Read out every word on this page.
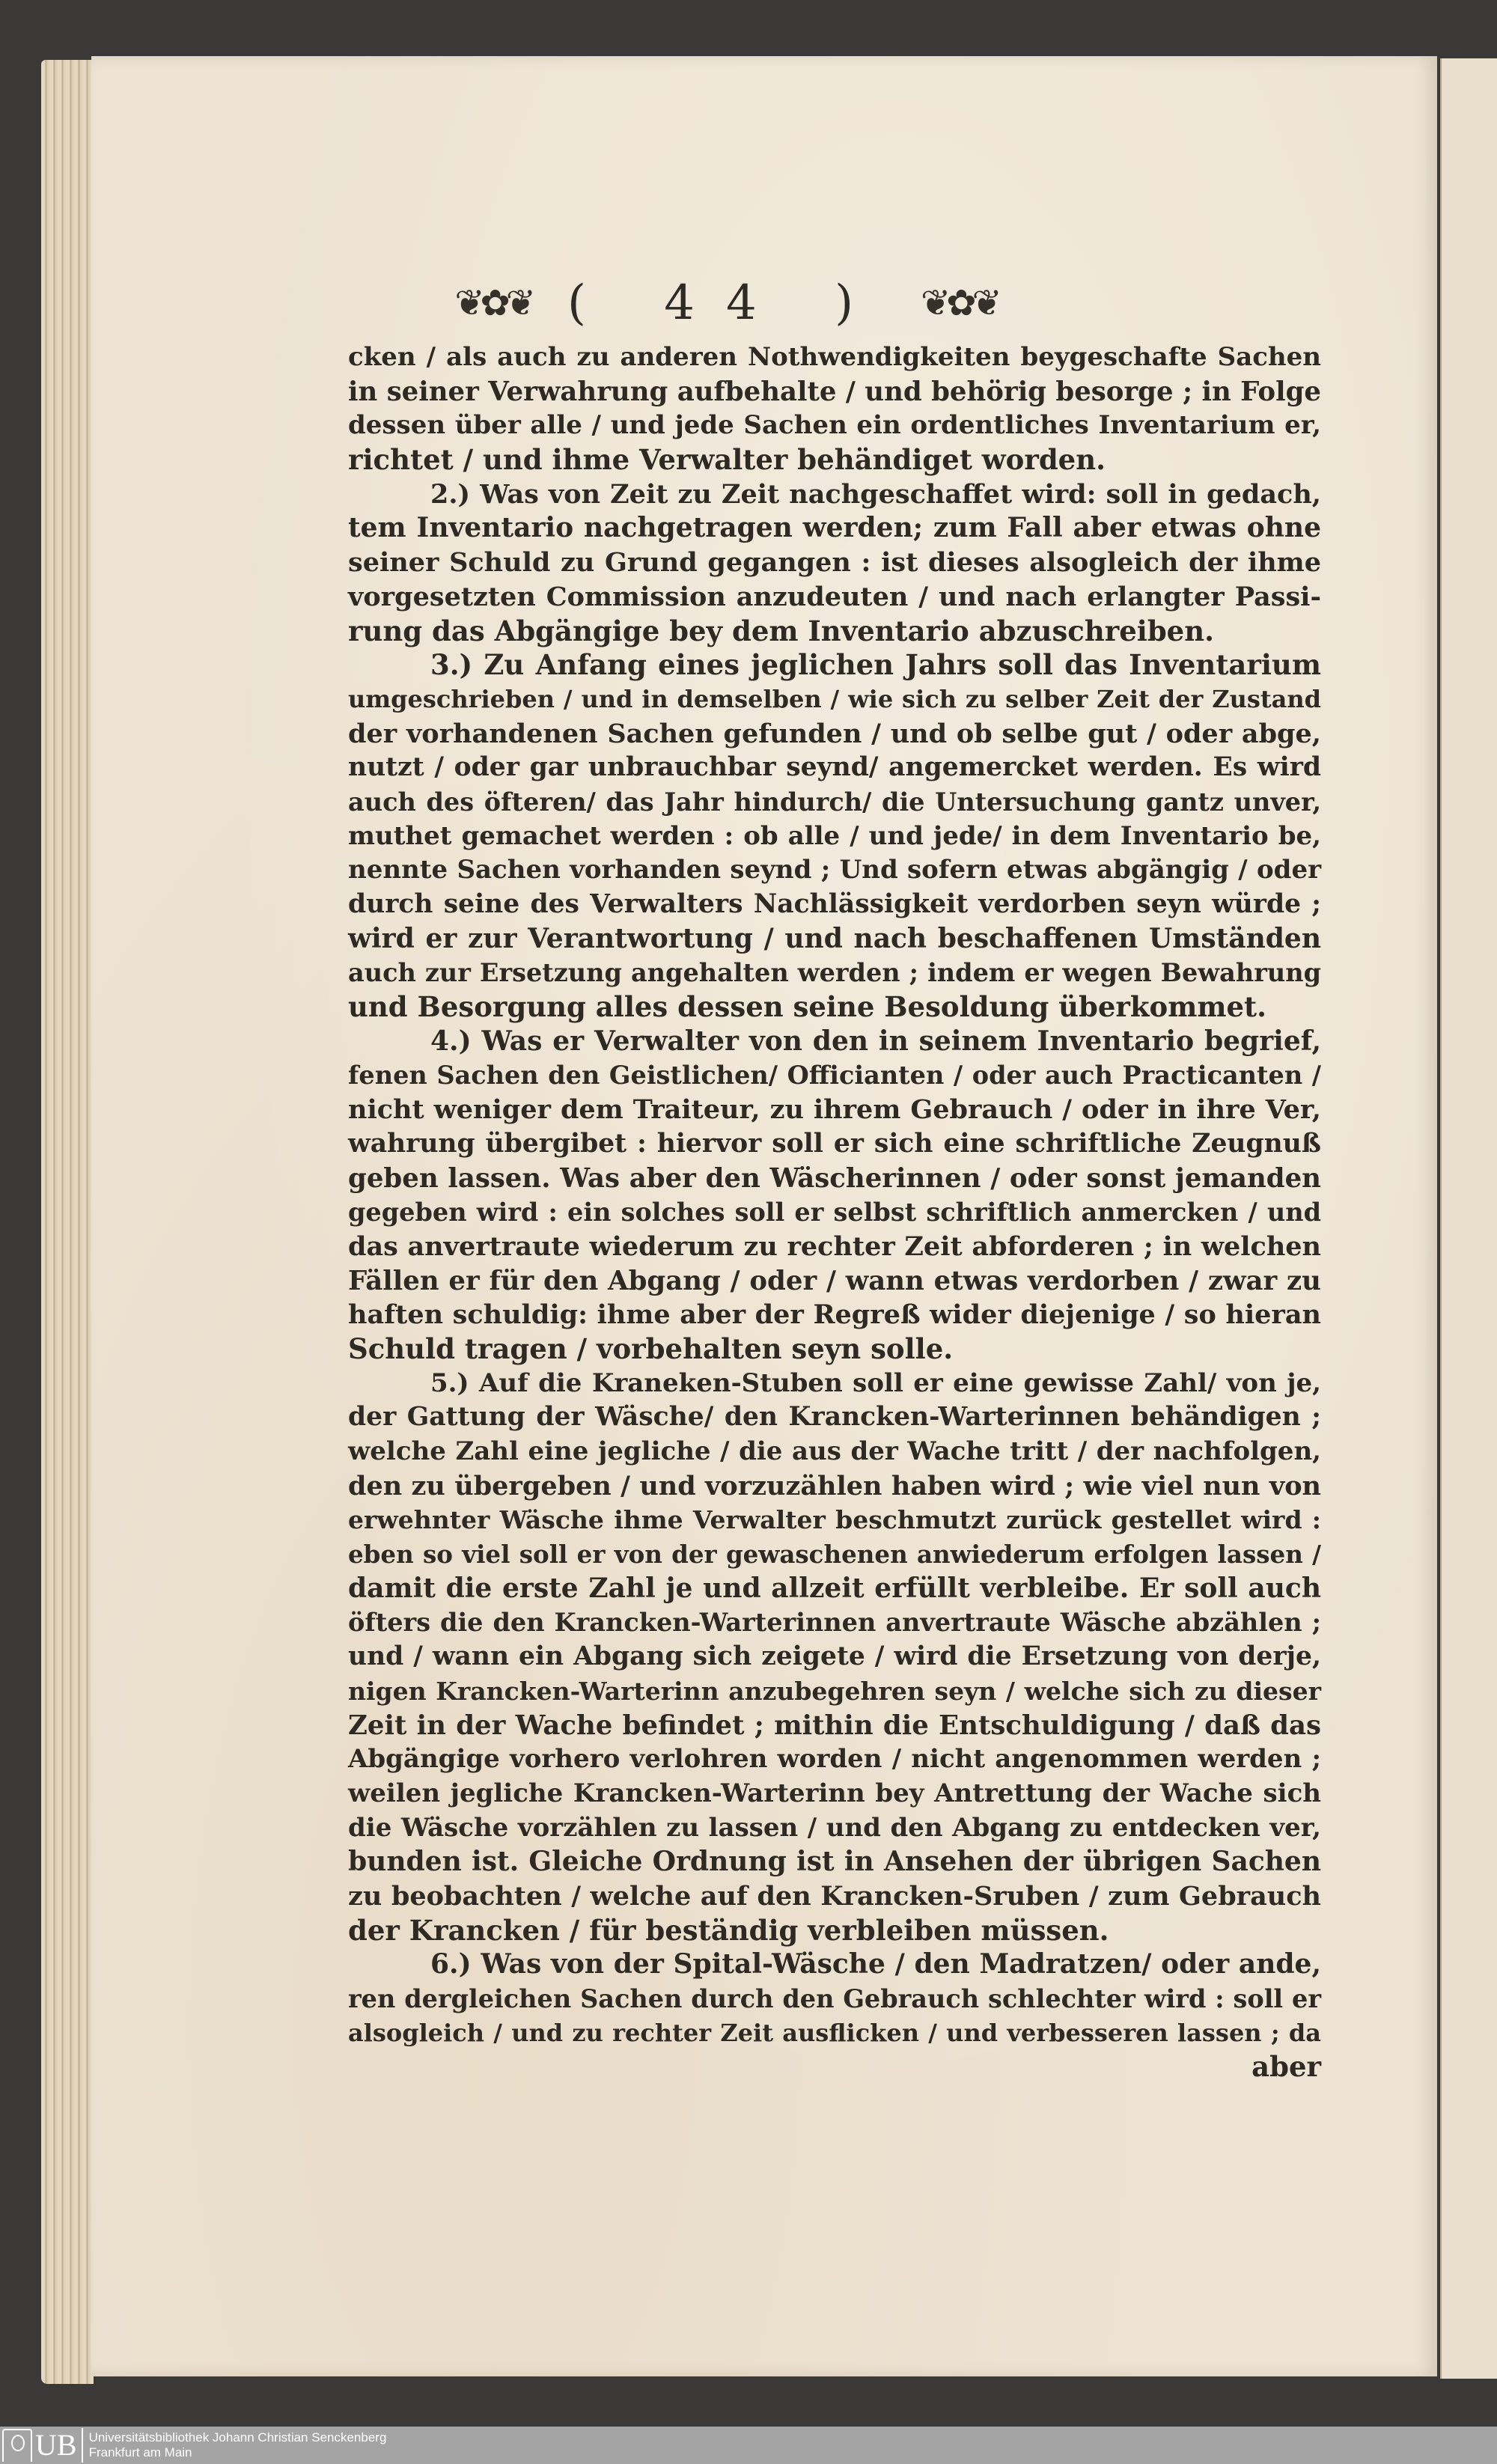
❦✿❦ ( 44 ) ❦✿❦
cken / als auch zu anderen Nothwendigkeiten beygeschafte Sachen
in seiner Verwahrung aufbehalte / und behörig besorge ; in Folge
dessen über alle / und jede Sachen ein ordentliches Inventarium er,
richtet / und ihme Verwalter behändiget worden.
2.) Was von Zeit zu Zeit nachgeschaffet wird: soll in gedach,
tem Inventario nachgetragen werden; zum Fall aber etwas ohne
seiner Schuld zu Grund gegangen : ist dieses alsogleich der ihme
vorgesetzten Commission anzudeuten / und nach erlangter Passi-
rung das Abgängige bey dem Inventario abzuschreiben.
3.) Zu Anfang eines jeglichen Jahrs soll das Inventarium
umgeschrieben / und in demselben / wie sich zu selber Zeit der Zustand
der vorhandenen Sachen gefunden / und ob selbe gut / oder abge,
nutzt / oder gar unbrauchbar seynd/ angemercket werden. Es wird
auch des öfteren/ das Jahr hindurch/ die Untersuchung gantz unver,
muthet gemachet werden : ob alle / und jede/ in dem Inventario be,
nennte Sachen vorhanden seynd ; Und sofern etwas abgängig / oder
durch seine des Verwalters Nachlässigkeit verdorben seyn würde ;
wird er zur Verantwortung / und nach beschaffenen Umständen
auch zur Ersetzung angehalten werden ; indem er wegen Bewahrung
und Besorgung alles dessen seine Besoldung überkommet.
4.) Was er Verwalter von den in seinem Inventario begrief,
fenen Sachen den Geistlichen/ Officianten / oder auch Practicanten /
nicht weniger dem Traiteur, zu ihrem Gebrauch / oder in ihre Ver,
wahrung übergibet : hiervor soll er sich eine schriftliche Zeugnuß
geben lassen. Was aber den Wäscherinnen / oder sonst jemanden
gegeben wird : ein solches soll er selbst schriftlich anmercken / und
das anvertraute wiederum zu rechter Zeit abforderen ; in welchen
Fällen er für den Abgang / oder / wann etwas verdorben / zwar zu
haften schuldig: ihme aber der Regreß wider diejenige / so hieran
Schuld tragen / vorbehalten seyn solle.
5.) Auf die Kraneken-Stuben soll er eine gewisse Zahl/ von je,
der Gattung der Wäsche/ den Krancken-Warterinnen behändigen ;
welche Zahl eine jegliche / die aus der Wache tritt / der nachfolgen,
den zu übergeben / und vorzuzählen haben wird ; wie viel nun von
erwehnter Wäsche ihme Verwalter beschmutzt zurück gestellet wird :
eben so viel soll er von der gewaschenen anwiederum erfolgen lassen /
damit die erste Zahl je und allzeit erfüllt verbleibe. Er soll auch
öfters die den Krancken-Warterinnen anvertraute Wäsche abzählen ;
und / wann ein Abgang sich zeigete / wird die Ersetzung von derje,
nigen Krancken-Warterinn anzubegehren seyn / welche sich zu dieser
Zeit in der Wache befindet ; mithin die Entschuldigung / daß das
Abgängige vorhero verlohren worden / nicht angenommen werden ;
weilen jegliche Krancken-Warterinn bey Antrettung der Wache sich
die Wäsche vorzählen zu lassen / und den Abgang zu entdecken ver,
bunden ist. Gleiche Ordnung ist in Ansehen der übrigen Sachen
zu beobachten / welche auf den Krancken-Sruben / zum Gebrauch
der Krancken / für beständig verbleiben müssen.
6.) Was von der Spital-Wäsche / den Madratzen/ oder ande,
ren dergleichen Sachen durch den Gebrauch schlechter wird : soll er
alsogleich / und zu rechter Zeit ausflicken / und verbesseren lassen ; da
aber
UB Universitätsbibliothek Johann Christian Senckenberg
Frankfurt am Main
